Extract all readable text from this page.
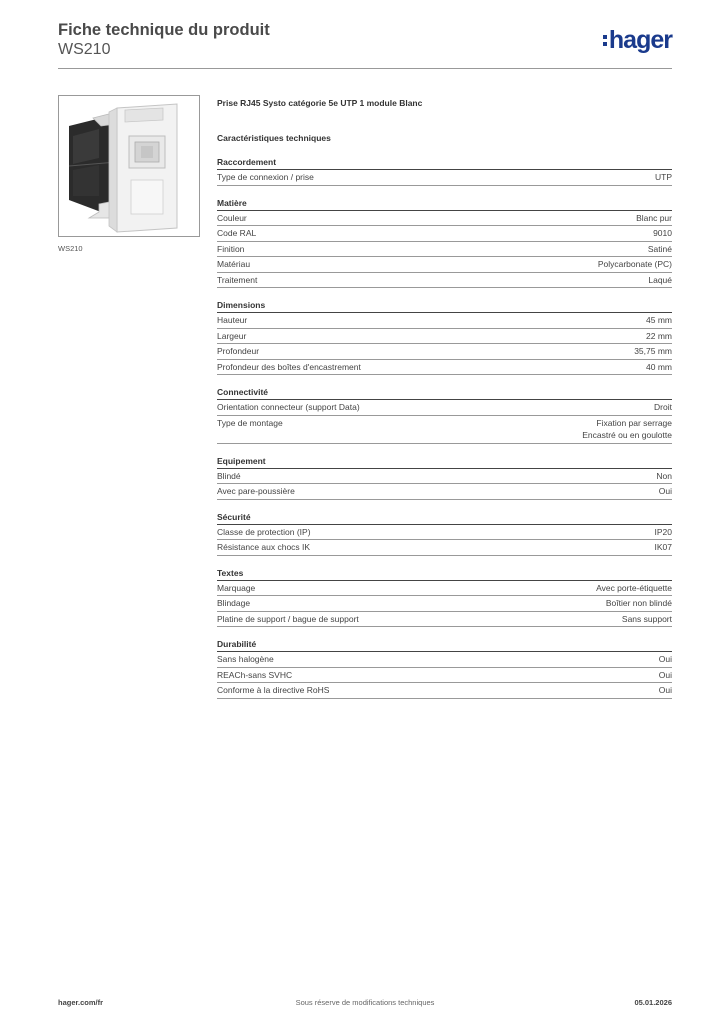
Fiche technique du produit
WS210	hager
WS210
Prise RJ45 Systo catégorie 5e UTP 1 module Blanc
Caractéristiques techniques
Raccordement
Type de connexion / prise	UTP
Matière
Couleur	Blanc pur
Code RAL	9010
Finition	Satiné
Matériau	Polycarbonate (PC)
Traitement	Laqué
Dimensions
Hauteur	45 mm
Largeur	22 mm
Profondeur	35,75 mm
Profondeur des boîtes d'encastrement	40 mm
Connectivité
Orientation connecteur (support Data)	Droit
Type de montage	Fixation par serrage
Encastré ou en goulotte
Equipement
Blindé	Non
Avec pare-poussière	Oui
Sécurité
Classe de protection (IP)	IP20
Résistance aux chocs IK	IK07
Textes
Marquage	Avec porte-étiquette
Blindage	Boîtier non blindé
Platine de support / bague de support	Sans support
Durabilité
Sans halogène	Oui
REACh-sans SVHC	Oui
Conforme à la directive RoHS	Oui
Sous réserve de modifications techniques
hager.com/fr	05.01.2026
